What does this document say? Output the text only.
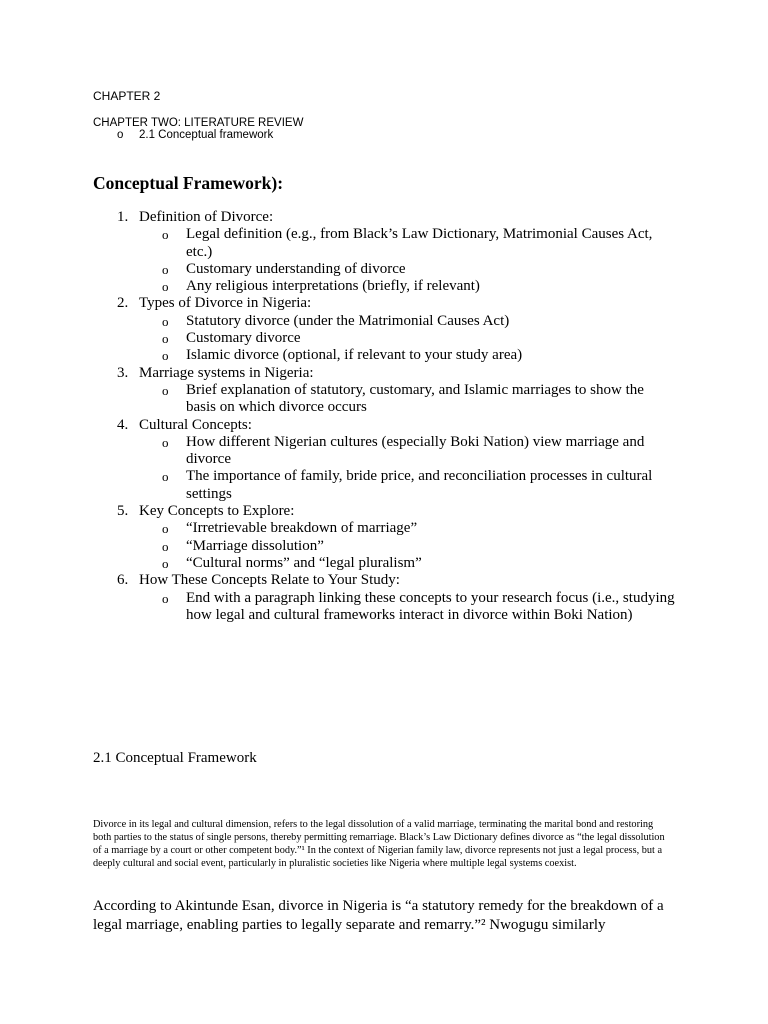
CHAPTER 2
CHAPTER TWO: LITERATURE REVIEW
o	2.1 Conceptual framework
Conceptual Framework):
1. Definition of Divorce:
o Legal definition (e.g., from Black’s Law Dictionary, Matrimonial Causes Act, etc.)
o Customary understanding of divorce
o Any religious interpretations (briefly, if relevant)
2. Types of Divorce in Nigeria:
o Statutory divorce (under the Matrimonial Causes Act)
o Customary divorce
o Islamic divorce (optional, if relevant to your study area)
3. Marriage systems in Nigeria:
o Brief explanation of statutory, customary, and Islamic marriages to show the basis on which divorce occurs
4. Cultural Concepts:
o How different Nigerian cultures (especially Boki Nation) view marriage and divorce
o The importance of family, bride price, and reconciliation processes in cultural settings
5. Key Concepts to Explore:
o “Irretrievable breakdown of marriage”
o “Marriage dissolution”
o “Cultural norms” and “legal pluralism”
6. How These Concepts Relate to Your Study:
o End with a paragraph linking these concepts to your research focus (i.e., studying how legal and cultural frameworks interact in divorce within Boki Nation)
2.1 Conceptual Framework
Divorce in its legal and cultural dimension, refers to the legal dissolution of a valid marriage, terminating the marital bond and restoring both parties to the status of single persons, thereby permitting remarriage. Black’s Law Dictionary defines divorce as “the legal dissolution of a marriage by a court or other competent body.”¹ In the context of Nigerian family law, divorce represents not just a legal process, but a deeply cultural and social event, particularly in pluralistic societies like Nigeria where multiple legal systems coexist.
According to Akintunde Esan, divorce in Nigeria is “a statutory remedy for the breakdown of a legal marriage, enabling parties to legally separate and remarry.”² Nwogugu similarly
